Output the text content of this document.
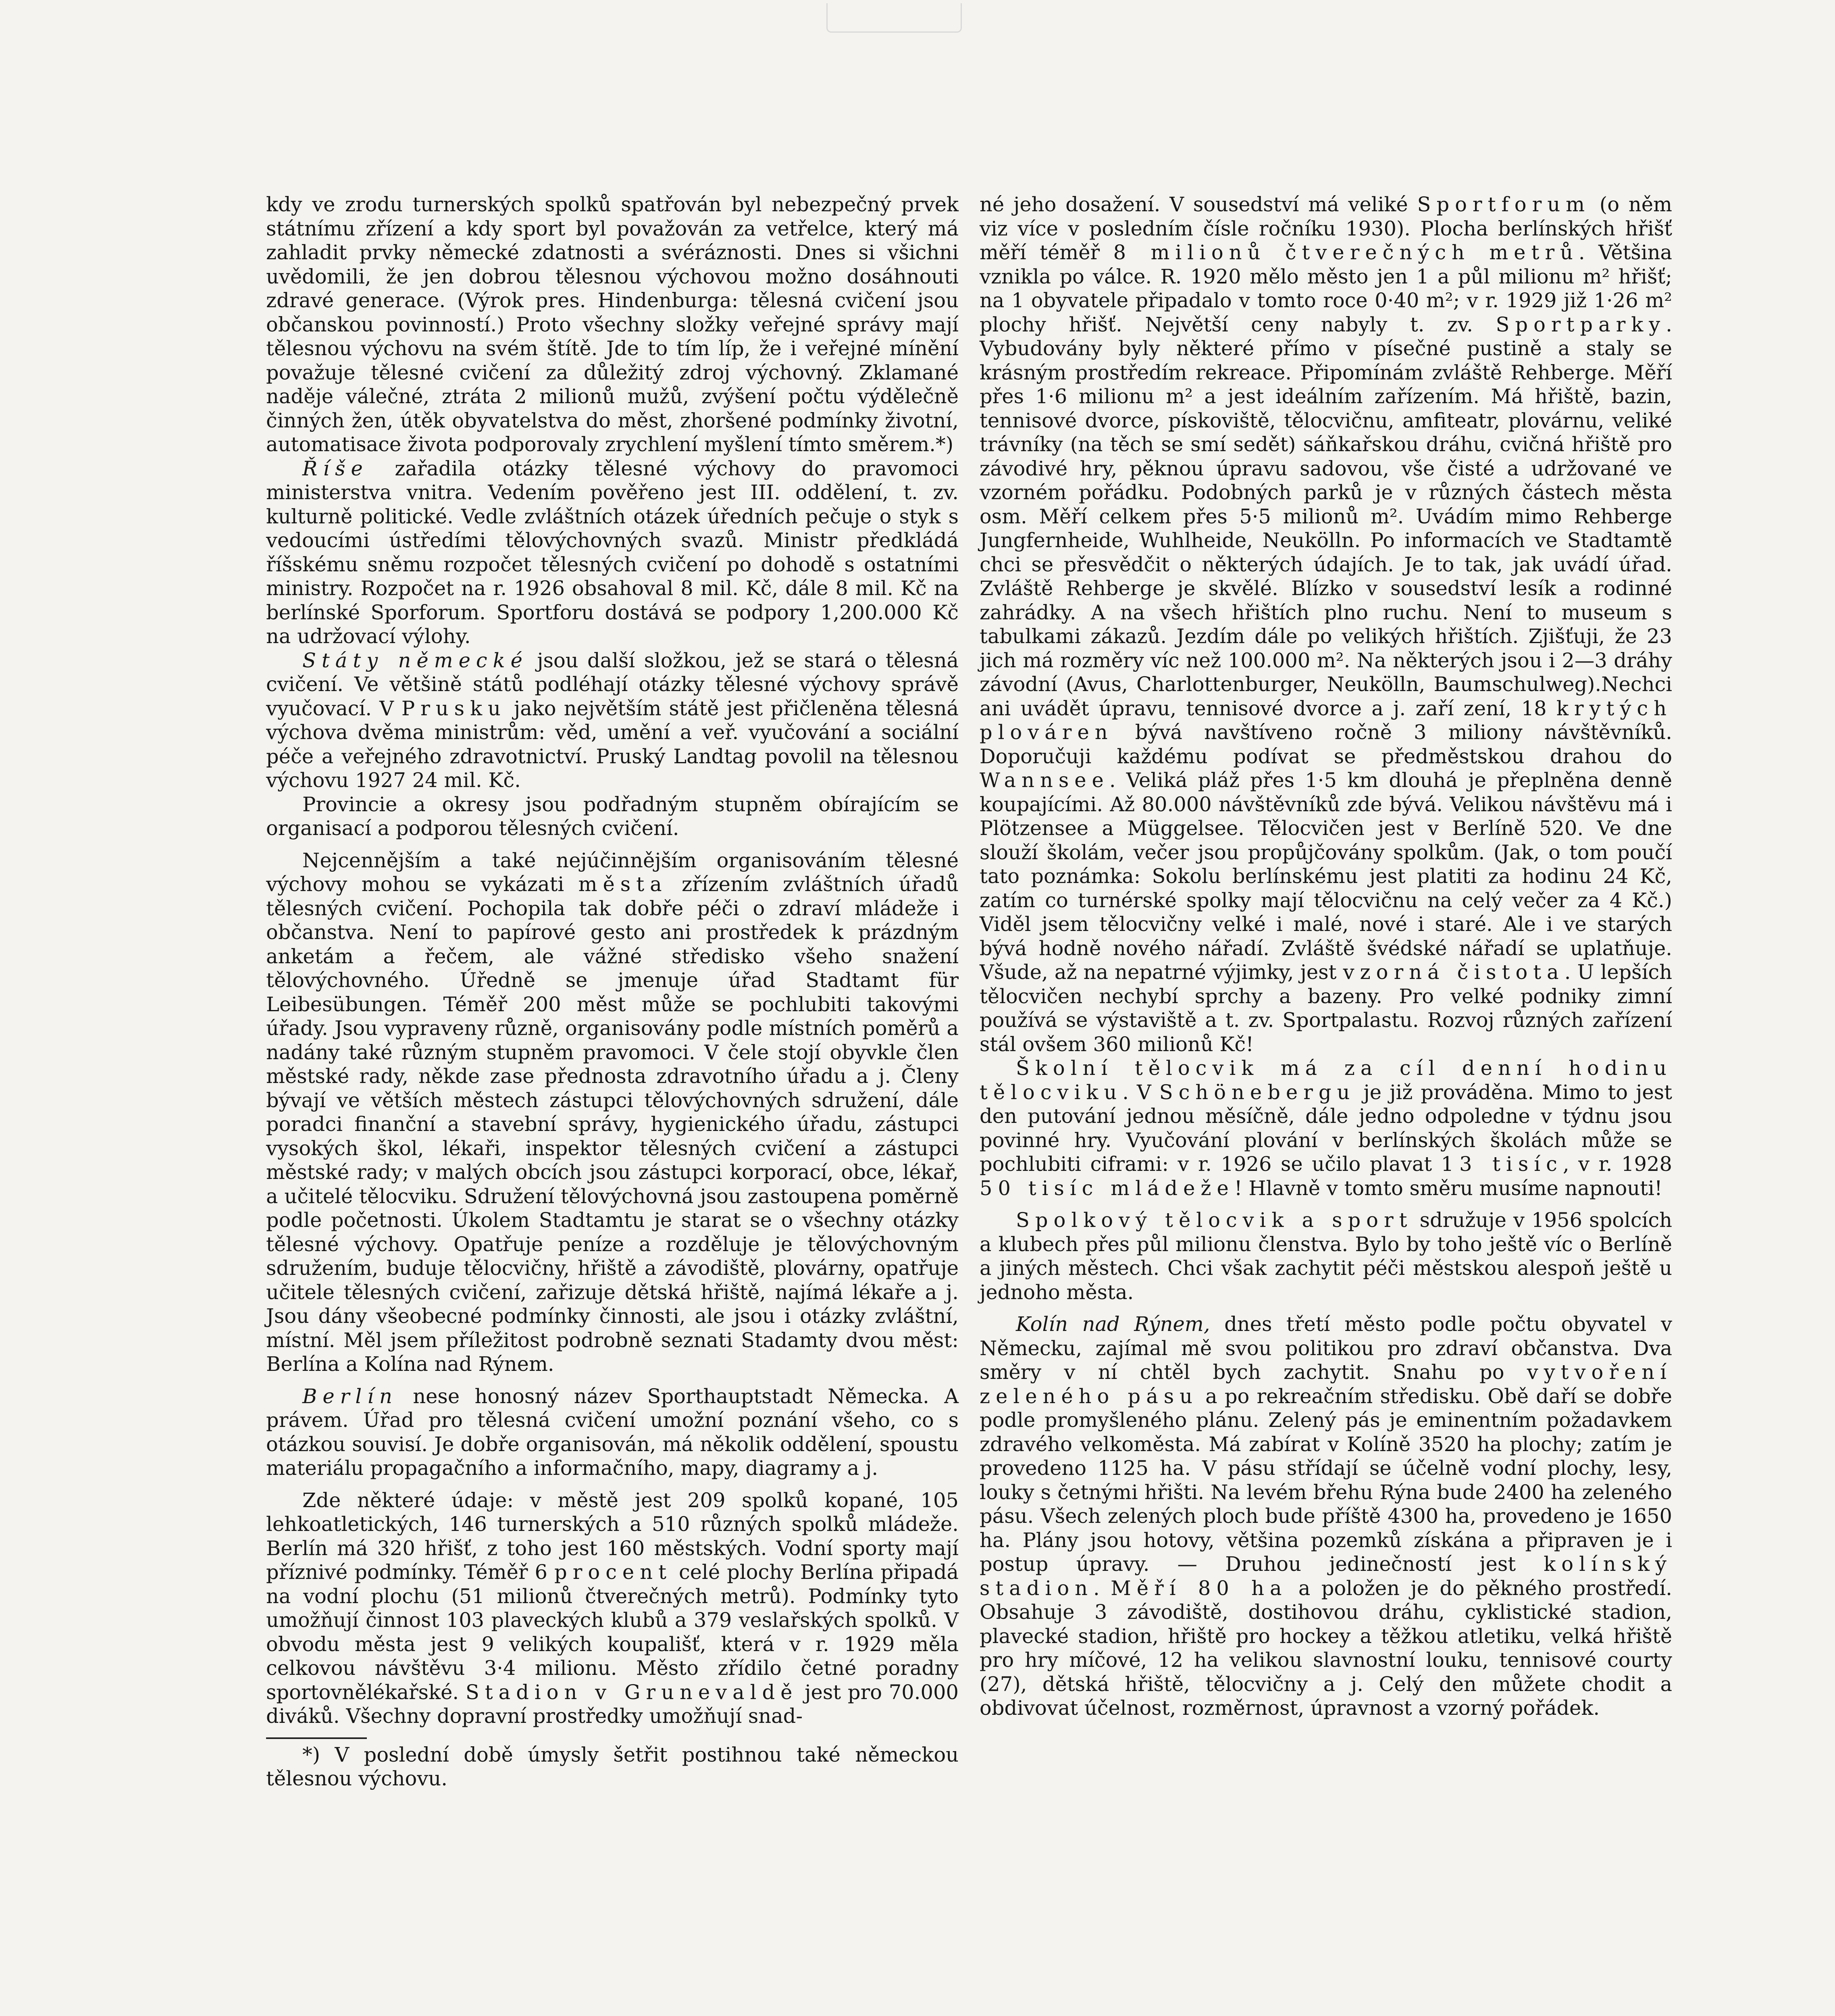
kdy ve zrodu turnerských spolků spatřován byl nebezpečný prvek státnímu zřízení a kdy sport byl považován za vetřelce, který má zahladit prvky německé zdatnosti a svéráznosti. Dnes si všichni uvědomili, že jen dobrou tělesnou výchovou možno dosáhnouti zdravé generace. (Výrok pres. Hindenburga: tělesná cvičení jsou občanskou povinností.) Proto všechny složky veřejné správy mají tělesnou výchovu na svém štítě. Jde to tím líp, že i veřejné mínění považuje tělesné cvičení za důležitý zdroj výchovný. Zklamané naděje válečné, ztráta 2 milionů mužů, zvýšení počtu výdělečně činných žen, útěk obyvatelstva do měst, zhoršené podmínky životní, automatisace života podporovaly zrychlení myšlení tímto směrem.*)

Říše zařadila otázky tělesné výchovy do pravomoci ministerstva vnitra. Vedením pověřeno jest III. oddělení, t. zv. kulturně politické. Vedle zvláštních otázek úředních pečuje o styk s vedoucími ústředími tělovýchovných svazů. Ministr předkládá říšskému sněmu rozpočet tělesných cvičení po dohodě s ostatními ministry. Rozpočet na r. 1926 obsahoval 8 mil. Kč, dále 8 mil. Kč na berlínské Sporforum. Sportforu dostává se podpory 1,200.000 Kč na udržovací výlohy.

Státy německé jsou další složkou, jež se stará o tělesná cvičení. Ve většině států podléhají otázky tělesné výchovy správě vyučovací. V Prusku jako největším státě jest přičleněna tělesná výchova dvěma ministrům: věd, umění a veř. vyučování a sociální péče a veřejného zdravotnictví. Pruský Landtag povolil na tělesnou výchovu 1927 24 mil. Kč.

Provincie a okresy jsou podřadným stupněm obírajícím se organisací a podporou tělesných cvičení.

Nejcennějším a také nejúčinnějším organisováním tělesné výchovy mohou se vykázati města zřízením zvláštních úřadů tělesných cvičení. Pochopila tak dobře péči o zdraví mládeže i občanstva. Není to papírové gesto ani prostředek k prázdným anketám a řečem, ale vážné středisko všeho snažení tělovýchovného. Úředně se jmenuje úřad Stadtamt für Leibesübungen. Téměř 200 měst může se pochlubiti takovými úřady. Jsou vypraveny různě, organisovány podle místních poměrů a nadány také různým stupněm pravomoci. V čele stojí obyvkle člen městské rady, někde zase přednosta zdravotního úřadu a j. Členy bývají ve větších městech zástupci tělovýchovných sdružení, dále poradci finanční a stavební správy, hygienického úřadu, zástupci vysokých škol, lékaři, inspektor tělesných cvičení a zástupci městské rady; v malých obcích jsou zástupci korporací, obce, lékař, a učitelé tělocviku. Sdružení tělovýchovná jsou zastoupena poměrně podle početnosti. Úkolem Stadtamtu je starat se o všechny otázky tělesné výchovy. Opatřuje peníze a rozděluje je tělovýchovným sdružením, buduje tělocvičny, hřiště a závodiště, plovárny, opatřuje učitele tělesných cvičení, zařizuje dětská hřiště, najímá lékaře a j. Jsou dány všeobecné podmínky činnosti, ale jsou i otázky zvláštní, místní. Měl jsem příležitost podrobně seznati Stadamty dvou měst: Berlína a Kolína nad Rýnem.

Berlín nese honosný název Sporthauptstadt Německa. A právem. Úřad pro tělesná cvičení umožní poznání všeho, co s otázkou souvisí. Je dobře organisován, má několik oddělení, spoustu materiálu propagačního a informačního, mapy, diagramy a j.

Zde některé údaje: v městě jest 209 spolků kopané, 105 lehkoatletických, 146 turnerských a 510 různých spolků mládeže. Berlín má 320 hřišť, z toho jest 160 městských. Vodní sporty mají příznivé podmínky. Téměř 6 procent celé plochy Berlína připadá na vodní plochu (51 milionů čtverečných metrů). Podmínky tyto umožňují činnost 103 plaveckých klubů a 379 veslařských spolků. V obvodu města jest 9 velikých koupališť, která v r. 1929 měla celkovou návštěvu 3·4 milionu. Město zřídilo četné poradny sportovnělékařské. Stadion v Grunevaldě jest pro 70.000 diváků. Všechny dopravní prostředky umožňují snad-

*) V poslední době úmysly šetřit postihnou také německou tělesnou výchovu.

né jeho dosažení. V sousedství má veliké Sportforum (o něm viz více v posledním čísle ročníku 1930). Plocha berlínských hřišť měří téměř 8 milionů čtverečných metrů. Většina vznikla po válce. R. 1920 mělo město jen 1 a půl milionu m² hřišť; na 1 obyvatele připadalo v tomto roce 0·40 m²; v r. 1929 již 1·26 m² plochy hřišť. Největší ceny nabyly t. zv. Sportparky. Vybudovány byly některé přímo v písečné pustině a staly se krásným prostředím rekreace. Připomínám zvláště Rehberge. Měří přes 1·6 milionu m² a jest ideálním zařízením. Má hřiště, bazin, tennisové dvorce, pískoviště, tělocvičnu, amfiteatr, plovárnu, veliké trávníky (na těch se smí sedět) sáňkařskou dráhu, cvičná hřiště pro závodivé hry, pěknou úpravu sadovou, vše čisté a udržované ve vzorném pořádku. Podobných parků je v různých částech města osm. Měří celkem přes 5·5 milionů m². Uvádím mimo Rehberge Jungfernheide, Wuhlheide, Neukölln. Po informacích ve Stadtamtě chci se přesvědčit o některých údajích. Je to tak, jak uvádí úřad. Zvláště Rehberge je skvělé. Blízko v sousedství lesík a rodinné zahrádky. A na všech hřištích plno ruchu. Není to museum s tabulkami zákazů. Jezdím dále po velikých hřištích. Zjišťuji, že 23 jich má rozměry víc než 100.000 m². Na některých jsou i 2—3 dráhy závodní (Avus, Charlottenburger, Neukölln, Baumschulweg).Nechci ani uvádět úpravu, tennisové dvorce a j. zaří zení, 18 krytých plováren bývá navštíveno ročně 3 miliony návštěvníků. Doporučuji každému podívat se předměstskou drahou do Wannsee. Veliká pláž přes 1·5 km dlouhá je přeplněna denně koupajícími. Až 80.000 návštěvníků zde bývá. Velikou návštěvu má i Plötzensee a Müggelsee. Tělocvičen jest v Berlíně 520. Ve dne slouží školám, večer jsou propůjčovány spolkům. (Jak, o tom poučí tato poznámka: Sokolu berlínskému jest platiti za hodinu 24 Kč, zatím co turnérské spolky mají tělocvičnu na celý večer za 4 Kč.) Viděl jsem tělocvičny velké i malé, nové i staré. Ale i ve starých bývá hodně nového nářadí. Zvláště švédské nářadí se uplatňuje. Všude, až na nepatrné výjimky, jest vzorná čistota. U lepších tělocvičen nechybí sprchy a bazeny. Pro velké podniky zimní používá se výstaviště a t. zv. Sportpalastu. Rozvoj různých zařízení stál ovšem 360 milionů Kč!

Školní tělocvik má za cíl denní hodinu tělocviku. V Schönebergu je již prováděna. Mimo to jest den putování jednou měsíčně, dále jedno odpoledne v týdnu jsou povinné hry. Vyučování plování v berlínských školách může se pochlubiti ciframi: v r. 1926 se učilo plavat 13 tisíc, v r. 1928 50 tisíc mládeže! Hlavně v tomto směru musíme napnouti!

Spolkový tělocvik a sport sdružuje v 1956 spolcích a klubech přes půl milionu členstva. Bylo by toho ještě víc o Berlíně a jiných městech. Chci však zachytit péči městskou alespoň ještě u jednoho města.

Kolín nad Rýnem, dnes třetí město podle počtu obyvatel v Německu, zajímal mě svou politikou pro zdraví občanstva. Dva směry v ní chtěl bych zachytit. Snahu po vytvoření zeleného pásu a po rekreačním středisku. Obě daří se dobře podle promyšleného plánu. Zelený pás je eminentním požadavkem zdravého velkoměsta. Má zabírat v Kolíně 3520 ha plochy; zatím je provedeno 1125 ha. V pásu střídají se účelně vodní plochy, lesy, louky s četnými hřišti. Na levém břehu Rýna bude 2400 ha zeleného pásu. Všech zelených ploch bude příště 4300 ha, provedeno je 1650 ha. Plány jsou hotovy, většina pozemků získána a připraven je i postup úpravy. — Druhou jedinečností jest kolínský stadion. Měří 80 ha a položen je do pěkného prostředí. Obsahuje 3 závodiště, dostihovou dráhu, cyklistické stadion, plavecké stadion, hřiště pro hockey a těžkou atletiku, velká hřiště pro hry míčové, 12 ha velikou slavnostní louku, tennisové courty (27), dětská hřiště, tělocvičny a j. Celý den můžete chodit a obdivovat účelnost, rozměrnost, úpravnost a vzorný pořádek.
